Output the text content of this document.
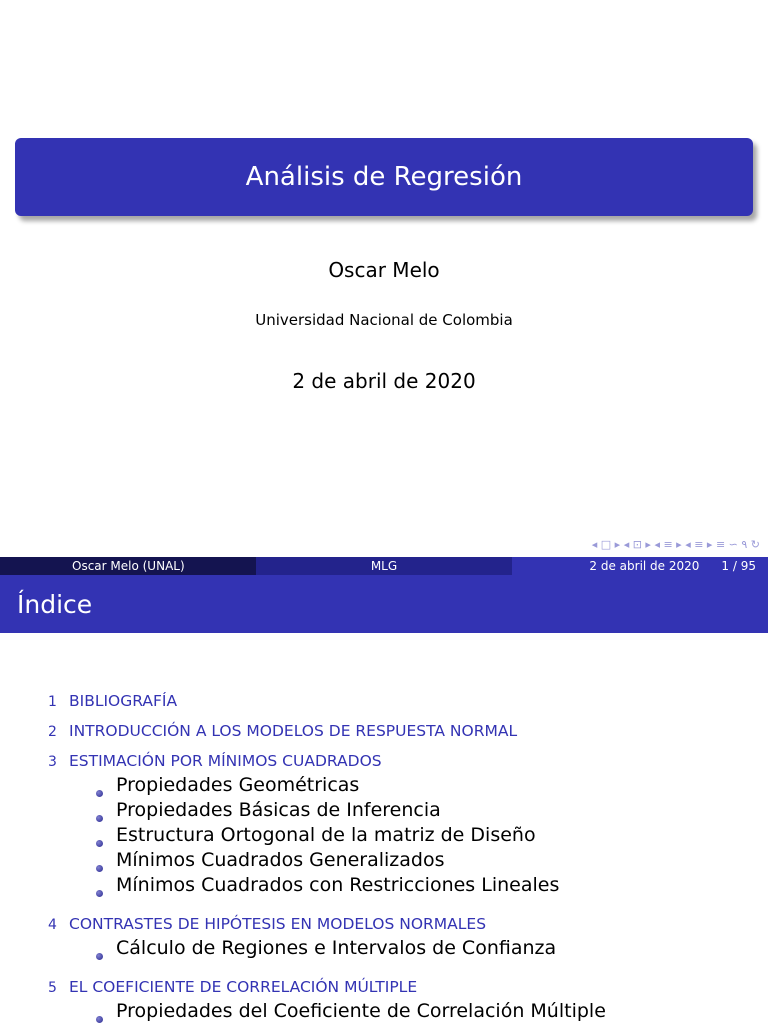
Análisis de Regresión
Oscar Melo
Universidad Nacional de Colombia
2 de abril de 2020
◂ □ ▸ ◂ ⊡ ▸ ◂ ≡ ▸ ◂ ≡ ▸ ≡ ∽ ۹ ↻
Oscar Melo (UNAL)	MLG	2 de abril de 2020 1 / 95
Índice
1 BIBLIOGRAFÍA
2 INTRODUCCIÓN A LOS MODELOS DE RESPUESTA NORMAL
3 ESTIMACIÓN POR MÍNIMOS CUADRADOS
Propiedades Geométricas
Propiedades Básicas de Inferencia
Estructura Ortogonal de la matriz de Diseño
Mínimos Cuadrados Generalizados
Mínimos Cuadrados con Restricciones Lineales
4 CONTRASTES DE HIPÓTESIS EN MODELOS NORMALES
Cálculo de Regiones e Intervalos de Confianza
5 EL COEFICIENTE DE CORRELACIÓN MÚLTIPLE
Propiedades del Coeficiente de Correlación Múltiple
